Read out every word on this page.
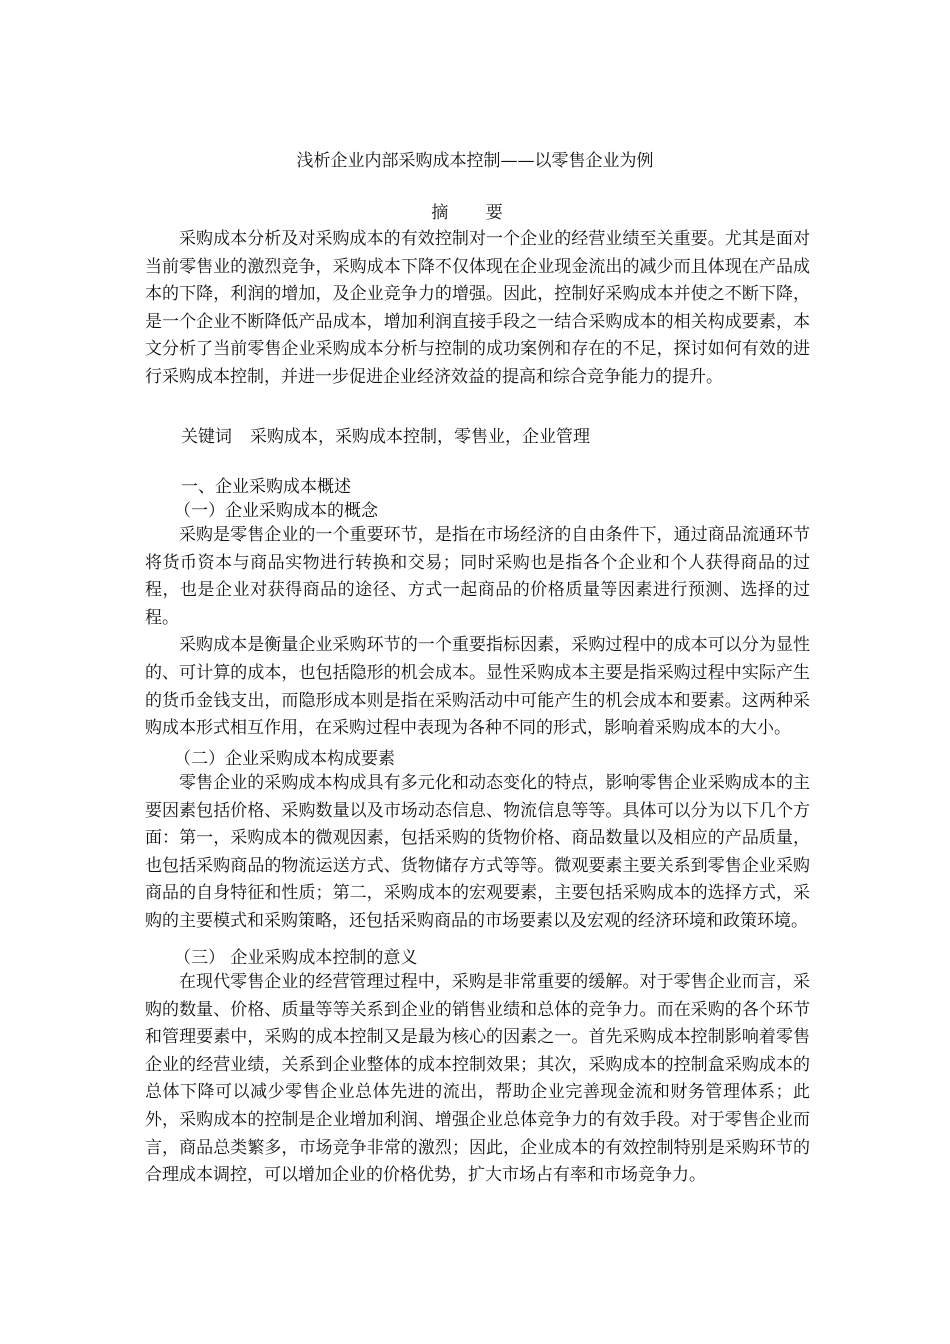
浅析企业内部采购成本控制——以零售企业为例
摘 要

采购成本分析及对采购成本的有效控制对一个企业的经营业绩至关重要。尤其是面对当前零售业的激烈竞争，采购成本下降不仅体现在企业现金流出的减少而且体现在产品成本的下降，利润的增加，及企业竞争力的增强。因此，控制好采购成本并使之不断下降，是一个企业不断降低产品成本，增加利润直接手段之一结合采购成本的相关构成要素，本文分析了当前零售企业采购成本分析与控制的成功案例和存在的不足，探讨如何有效的进行采购成本控制，并进一步促进企业经济效益的提高和综合竞争能力的提升。

关键词 采购成本，采购成本控制，零售业，企业管理
一、企业采购成本概述
（一）企业采购成本的概念

采购是零售企业的一个重要环节，是指在市场经济的自由条件下，通过商品流通环节将货币资本与商品实物进行转换和交易；同时采购也是指各个企业和个人获得商品的过程，也是企业对获得商品的途径、方式一起商品的价格质量等因素进行预测、选择的过程。

采购成本是衡量企业采购环节的一个重要指标因素，采购过程中的成本可以分为显性的、可计算的成本，也包括隐形的机会成本。显性采购成本主要是指采购过程中实际产生的货币金钱支出，而隐形成本则是指在采购活动中可能产生的机会成本和要素。这两种采购成本形式相互作用，在采购过程中表现为各种不同的形式，影响着采购成本的大小。

（二）企业采购成本构成要素

零售企业的采购成本构成具有多元化和动态变化的特点，影响零售企业采购成本的主要因素包括价格、采购数量以及市场动态信息、物流信息等等。具体可以分为以下几个方面：第一，采购成本的微观因素，包括采购的货物价格、商品数量以及相应的产品质量，也包括采购商品的物流运送方式、货物储存方式等等。微观要素主要关系到零售企业采购商品的自身特征和性质；第二，采购成本的宏观要素，主要包括采购成本的选择方式，采购的主要模式和采购策略，还包括采购商品的市场要素以及宏观的经济环境和政策环境。

（三） 企业采购成本控制的意义

在现代零售企业的经营管理过程中，采购是非常重要的缓解。对于零售企业而言，采购的数量、价格、质量等等关系到企业的销售业绩和总体的竞争力。而在采购的各个环节和管理要素中，采购的成本控制又是最为核心的因素之一。首先采购成本控制影响着零售企业的经营业绩，关系到企业整体的成本控制效果；其次，采购成本的控制盒采购成本的总体下降可以减少零售企业总体先进的流出，帮助企业完善现金流和财务管理体系；此外，采购成本的控制是企业增加利润、增强企业总体竞争力的有效手段。对于零售企业而言，商品总类繁多，市场竞争非常的激烈；因此，企业成本的有效控制特别是采购环节的合理成本调控，可以增加企业的价格优势，扩大市场占有率和市场竞争力。
